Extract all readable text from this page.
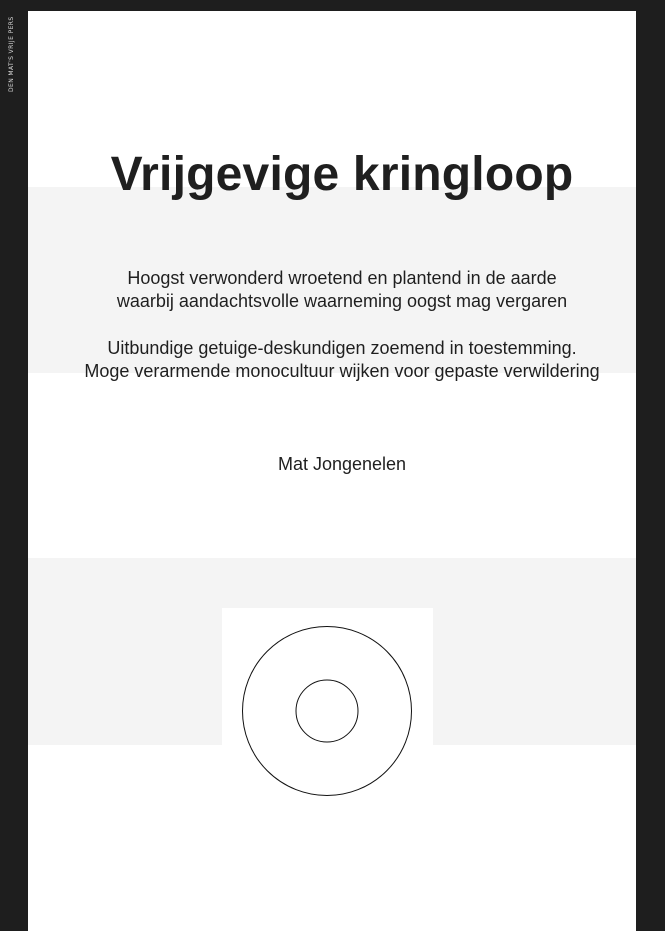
DEN MAT'S VRIJE PERS
Vrijgevige kringloop

Hoogst verwonderd wroetend en plantend in de aarde

waarbij aandachtsvolle waarneming oogst mag vergaren

Uitbundige getuige-deskundigen zoemend in toestemming.

Moge verarmende monocultuur wijken voor gepaste verwildering

Mat Jongenelen
